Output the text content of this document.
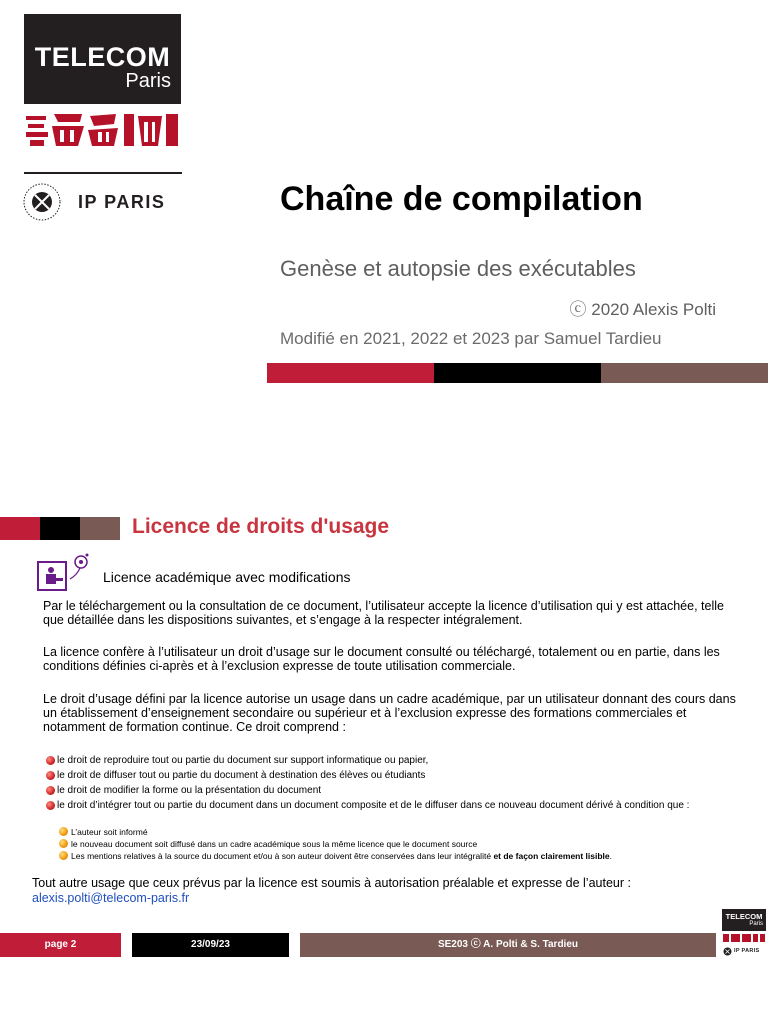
TELECOM
Paris
IP PARIS	Chaîne de compilation
Genèse et autopsie des exécutables
ⓒ 2020 Alexis Polti
Modifié en 2021, 2022 et 2023 par Samuel Tardieu
Licence de droits d'usage
Licence académique avec modifications
Par le téléchargement ou la consultation de ce document, l’utilisateur accepte la licence d’utilisation qui y est attachée, telle que détaillée dans les dispositions suivantes, et s’engage à la respecter intégralement.
La licence confère à l’utilisateur un droit d’usage sur le document consulté ou téléchargé, totalement ou en partie, dans les conditions définies ci-après et à l’exclusion expresse de toute utilisation commerciale.
Le droit d’usage défini par la licence autorise un usage dans un cadre académique, par un utilisateur donnant des cours dans un établissement d’enseignement secondaire ou supérieur et à l’exclusion expresse des formations commerciales et notamment de formation continue. Ce droit comprend :
le droit de reproduire tout ou partie du document sur support informatique ou papier,
le droit de diffuser tout ou partie du document à destination des élèves ou étudiants
le droit de modifier la forme ou la présentation du document
le droit d’intégrer tout ou partie du document dans un document composite et de le diffuser dans ce nouveau document dérivé à condition que :
L’auteur soit informé
le nouveau document soit diffusé dans un cadre académique sous la même licence que le document source
Les mentions relatives à la source du document et/ou à son auteur doivent être conservées dans leur intégralité et de façon clairement lisible.
Tout autre usage que ceux prévus par la licence est soumis à autorisation préalable et expresse de l’auteur :
alexis.polti@telecom-paris.fr
page 2	23/09/23	SE203 ⓒ A. Polti & S. Tardieu
TELECOM
Paris
IP PARIS
